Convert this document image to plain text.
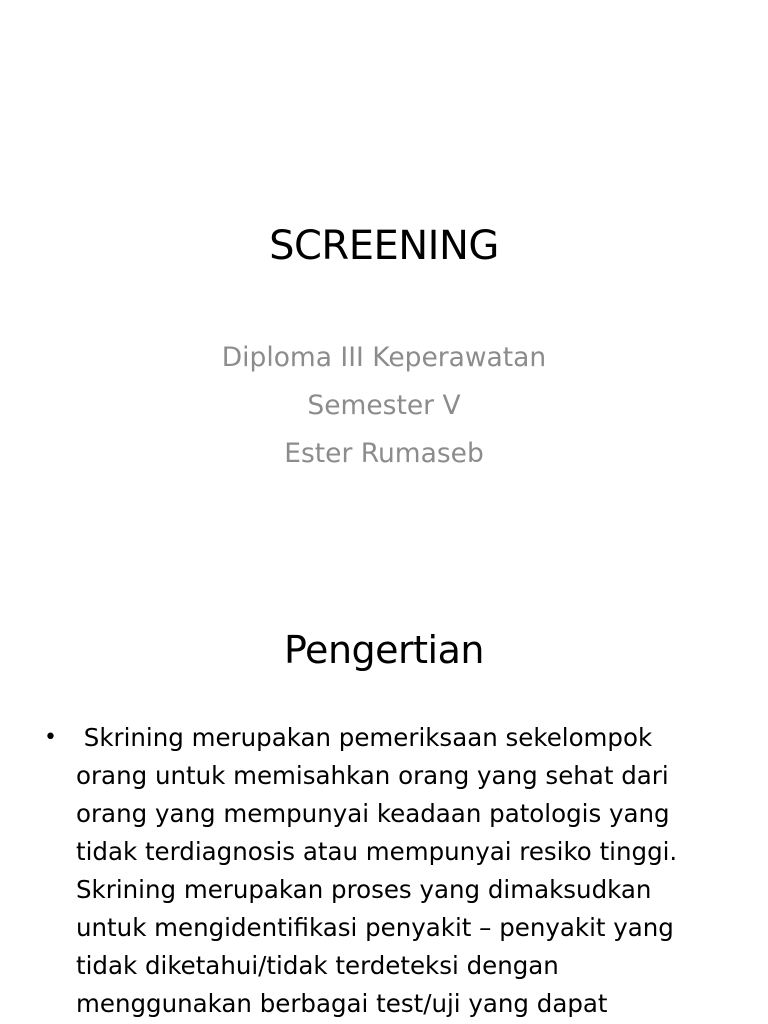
SCREENING
Diploma III Keperawatan
Semester V
Ester Rumaseb
Pengertian
• Skrining merupakan pemeriksaan sekelompok
orang untuk memisahkan orang yang sehat dari
orang yang mempunyai keadaan patologis yang
tidak terdiagnosis atau mempunyai resiko tinggi.
Skrining merupakan proses yang dimaksudkan
untuk mengidentifikasi penyakit – penyakit yang
tidak diketahui/tidak terdeteksi dengan
menggunakan berbagai test/uji yang dapat
